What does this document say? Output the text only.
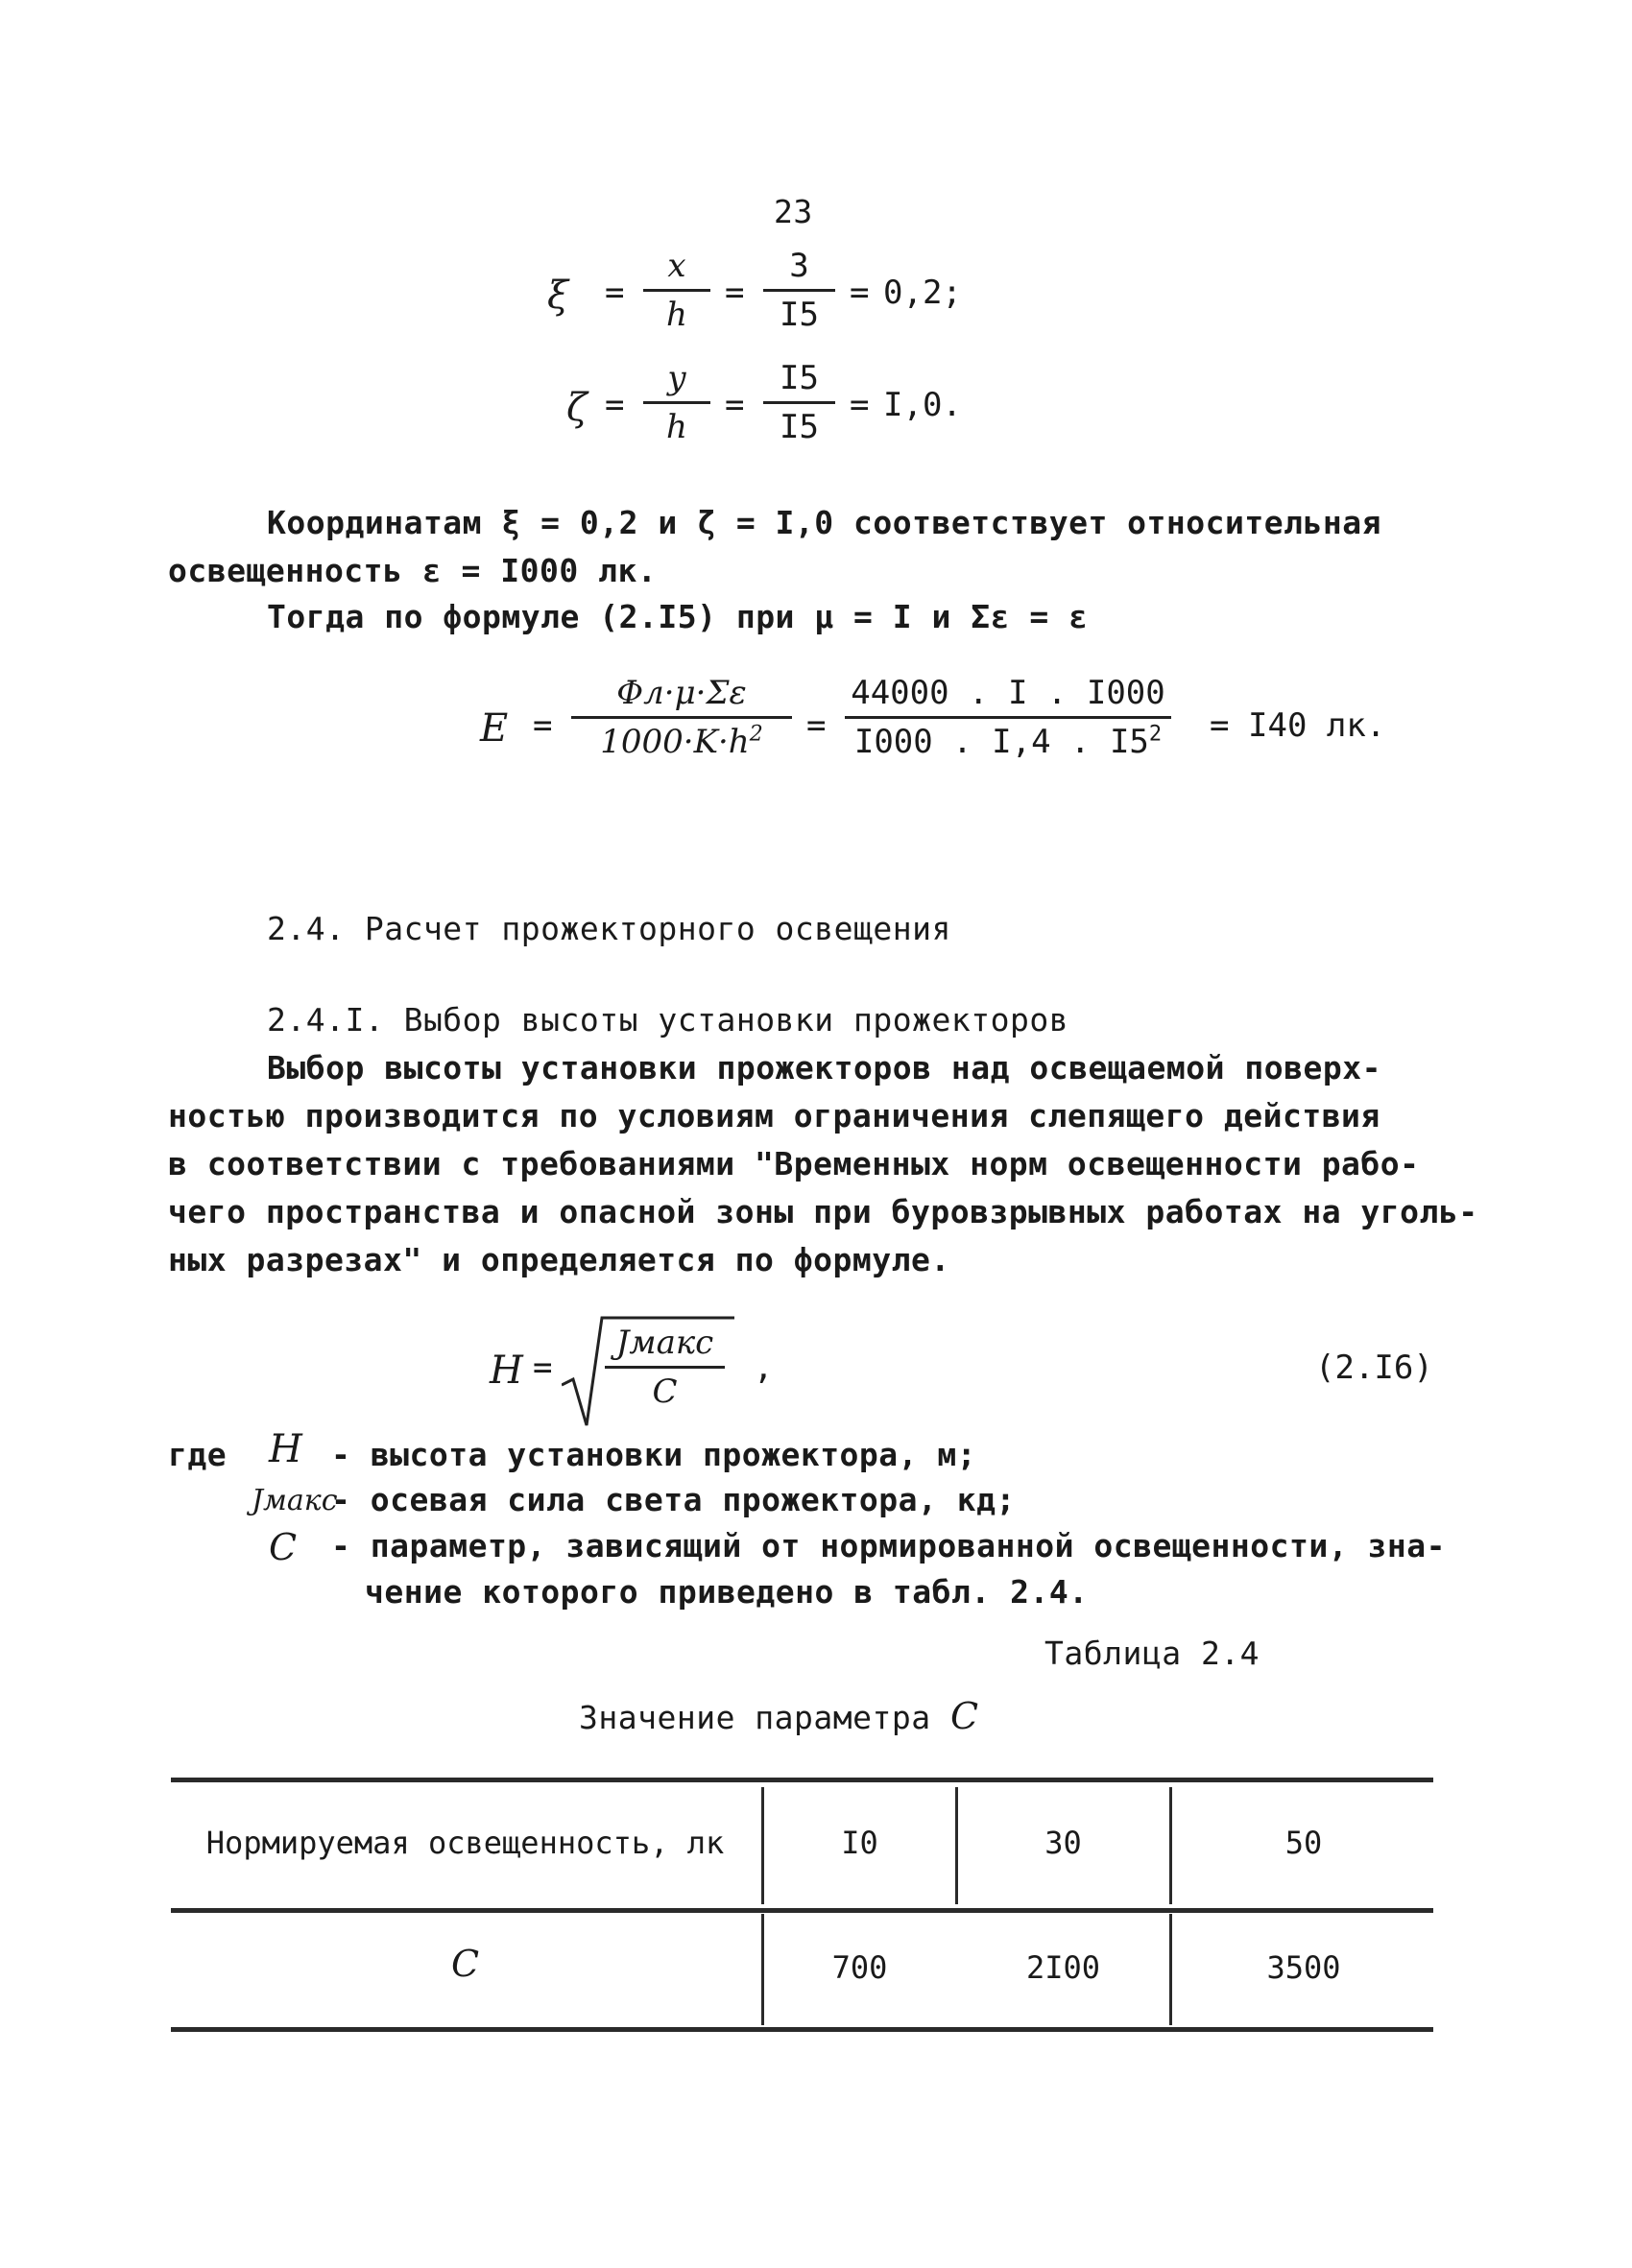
23
ξ =
x
h
=
3
I5
= 0,2;
ζ =
y
h
=
I5
I5
= I,0.
Координатам ξ = 0,2 и ζ = I,0 соответствует относительная
освещенность ε = I000 лк.
Тогда по формуле (2.I5) при μ = I и Σε = ε
E =
Φл·μ·Σε
$1000\cdot K\cdot h^2$	=
44000 . I . I000
I000 . I,4 . $I5^2 = I40$ лк.
2.4. Расчет прожекторного освещения
2.4.I. Выбор высоты установки прожекторов
Выбор высоты установки прожекторов над освещаемой поверх-
ностью производится по условиям ограничения слепящего действия
в соответствии с требованиями "Временных норм освещенности рабо-
чего пространства и опасной зоны при буровзрывных работах на уголь-
ных разрезах" и определяется по формуле.
H =
Jмакс
C
,	(2.I6)
где H - высота установки прожектора, м;
Jмакс
- осевая сила света прожектора, кд;
C - параметр, зависящий от нормированной освещенности, зна-
чение которого приведено в табл. 2.4.
Таблица 2.4
Значение параметра C
Нормируемая освещенность, лк	I0	30	50
C	700	2I00	3500
